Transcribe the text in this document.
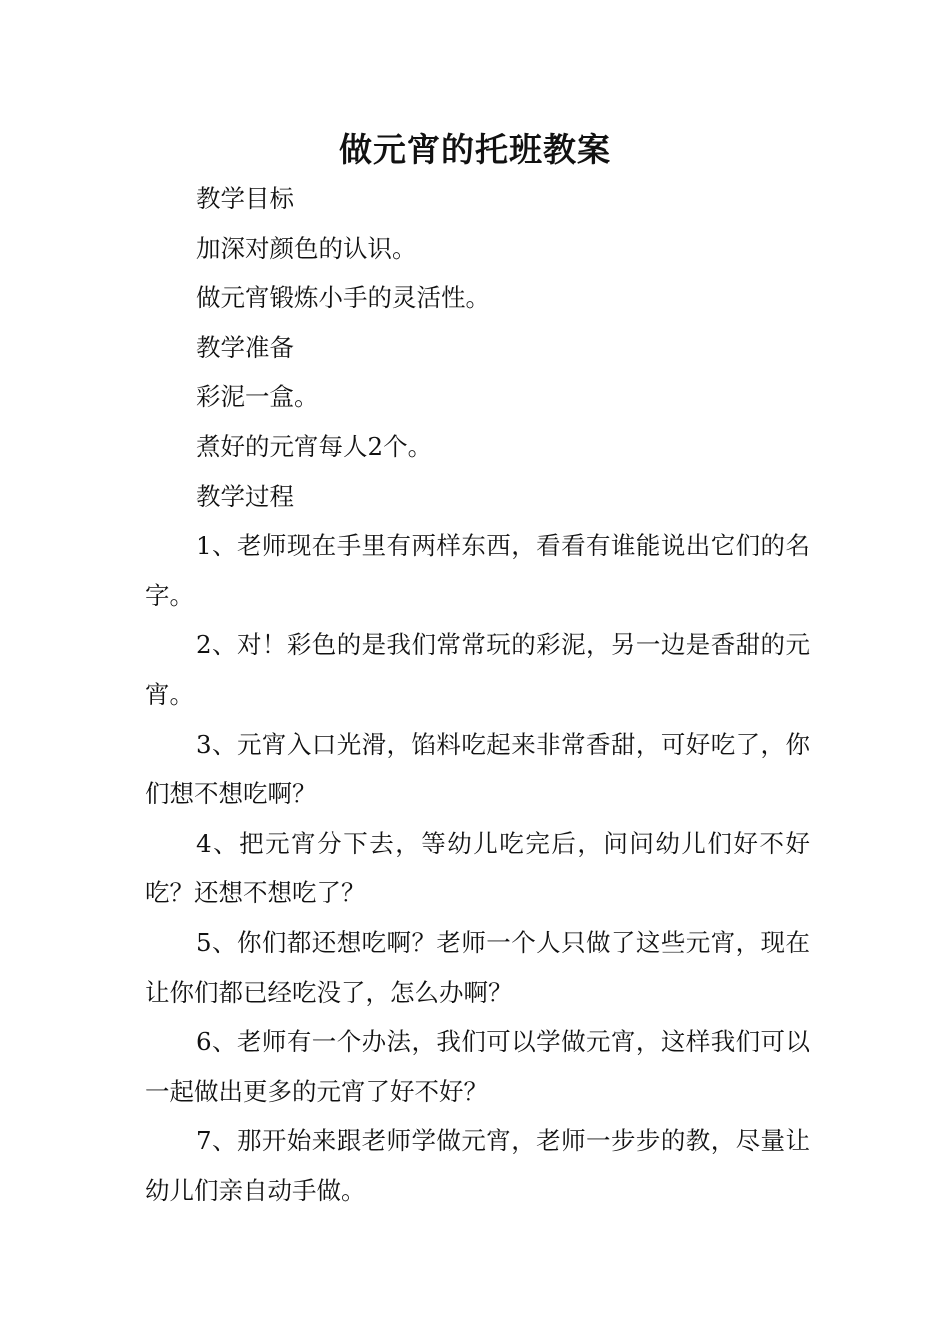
做元宵的托班教案

教学目标

加深对颜色的认识。

做元宵锻炼小手的灵活性。

教学准备

彩泥一盒。

煮好的元宵每人2个。

教学过程

1、老师现在手里有两样东西，看看有谁能说出它们的名字。

2、对！彩色的是我们常常玩的彩泥，另一边是香甜的元宵。

3、元宵入口光滑，馅料吃起来非常香甜，可好吃了，你们想不想吃啊？

4、把元宵分下去，等幼儿吃完后，问问幼儿们好不好吃？还想不想吃了？

5、你们都还想吃啊？老师一个人只做了这些元宵，现在让你们都已经吃没了，怎么办啊？

6、老师有一个办法，我们可以学做元宵，这样我们可以一起做出更多的元宵了好不好？

7、那开始来跟老师学做元宵，老师一步步的教，尽量让幼儿们亲自动手做。
